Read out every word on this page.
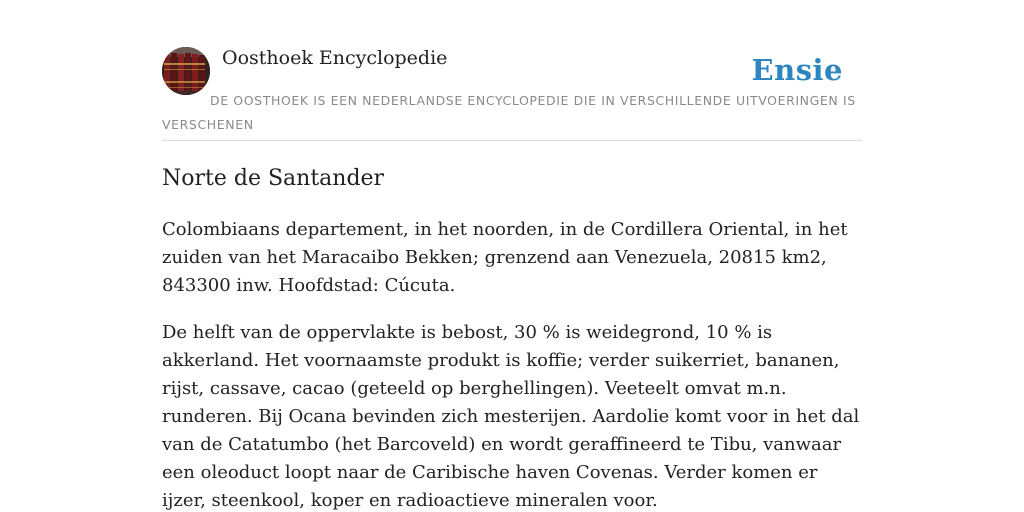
Oosthoek Encyclopedie	Ensie
DE OOSTHOEK IS EEN NEDERLANDSE ENCYCLOPEDIE DIE IN VERSCHILLENDE UITVOERINGEN IS VERSCHENEN
Norte de Santander

Colombiaans departement, in het noorden, in de Cordillera Oriental, in het zuiden van het Maracaibo Bekken; grenzend aan Venezuela, 20815 km2, 843300 inw. Hoofdstad: Cúcuta.

De helft van de oppervlakte is bebost, 30 % is weidegrond, 10 % is akkerland. Het voornaamste produkt is koffie; verder suikerriet, bananen, rijst, cassave, cacao (geteeld op berghellingen). Veeteelt omvat m.n. runderen. Bij Ocana bevinden zich mesterijen. Aardolie komt voor in het dal van de Catatumbo (het Barcoveld) en wordt geraffineerd te Tibu, vanwaar een oleoduct loopt naar de Caribische haven Covenas. Verder komen er ijzer, steenkool, koper en radioactieve mineralen voor.
